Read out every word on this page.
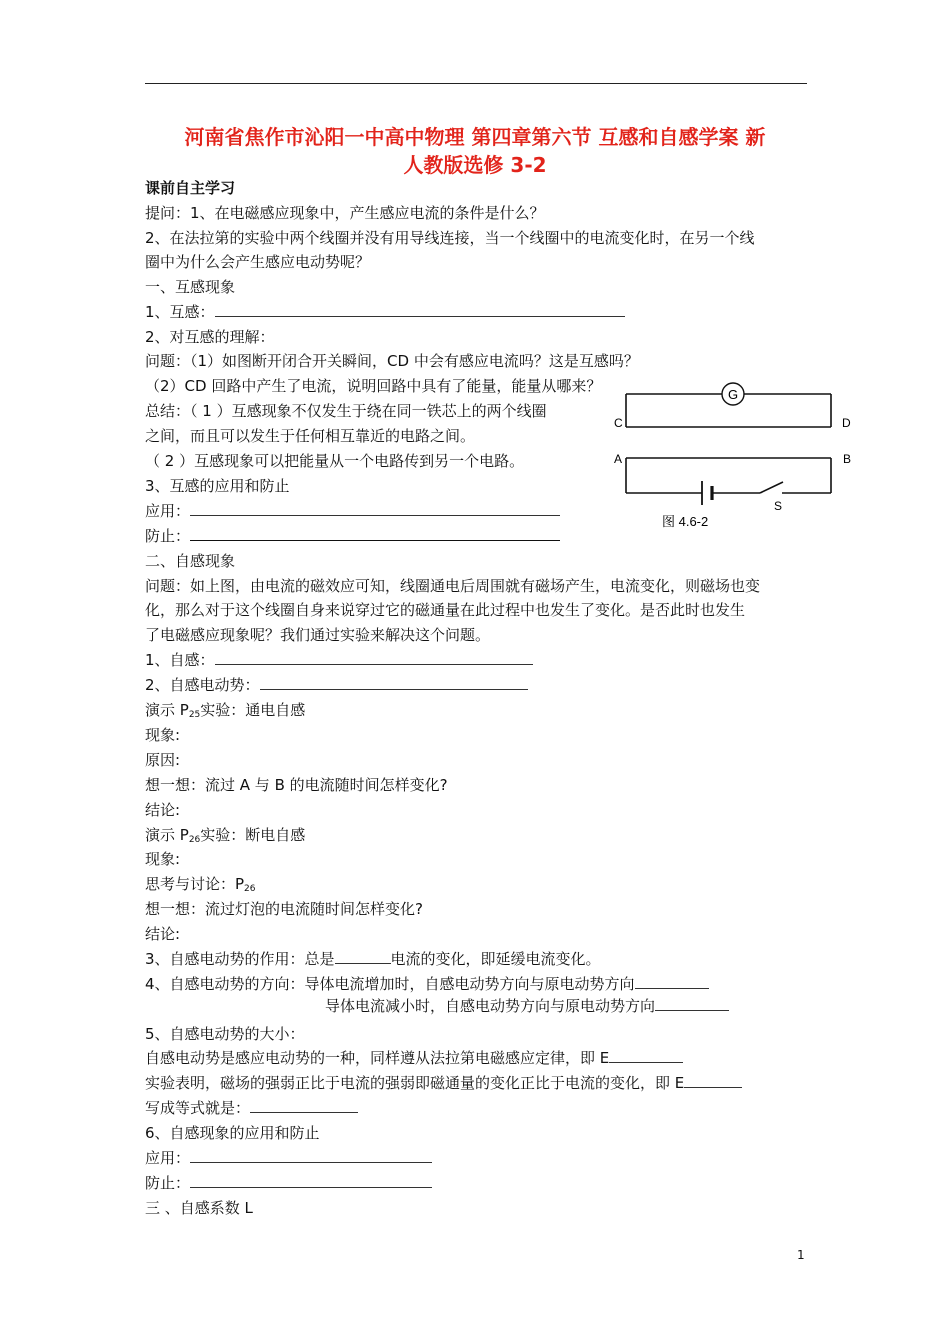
河南省焦作市沁阳一中高中物理 第四章第六节 互感和自感学案 新
人教版选修 3-2
课前自主学习
提问：1、在电磁感应现象中，产生感应电流的条件是什么？
2、在法拉第的实验中两个线圈并没有用导线连接，当一个线圈中的电流变化时，在另一个线
圈中为什么会产生感应电动势呢？
一、互感现象
1、互感：
2、对互感的理解：
问题：（1）如图断开闭合开关瞬间，CD 中会有感应电流吗？这是互感吗？
（2）CD 回路中产生了电流，说明回路中具有了能量，能量从哪来？
总结：（ 1 ）互感现象不仅发生于绕在同一铁芯上的两个线圈
之间，而且可以发生于任何相互靠近的电路之间。
（ 2 ）互感现象可以把能量从一个电路传到另一个电路。
3、互感的应用和防止
应用：
防止：
G
C	D
A	B
S
图 4.6-2
二、自感现象
问题：如上图，由电流的磁效应可知，线圈通电后周围就有磁场产生，电流变化，则磁场也变
化，那么对于这个线圈自身来说穿过它的磁通量在此过程中也发生了变化。是否此时也发生
了电磁感应现象呢？我们通过实验来解决这个问题。
1、自感：
2、自感电动势：
演示 $P_{25}$实验：通电自感
现象:
原因:
想一想：流过 A 与 B 的电流随时间怎样变化?
结论:
演示 $P_{26}$实验：断电自感
现象:
思考与讨论：$P_{26}$
想一想：流过灯泡的电流随时间怎样变化?
结论:
3、自感电动势的作用：总是	电流的变化，即延缓电流变化。
4、自感电动势的方向：导体电流增加时，自感电动势方向与原电动势方向
导体电流减小时，自感电动势方向与原电动势方向
5、自感电动势的大小：
自感电动势是感应电动势的一种，同样遵从法拉第电磁感应定律，即 E
实验表明，磁场的强弱正比于电流的强弱即磁通量的变化正比于电流的变化，即 E
写成等式就是：
6、自感现象的应用和防止
应用：
防止：
三 、自感系数 L
1
